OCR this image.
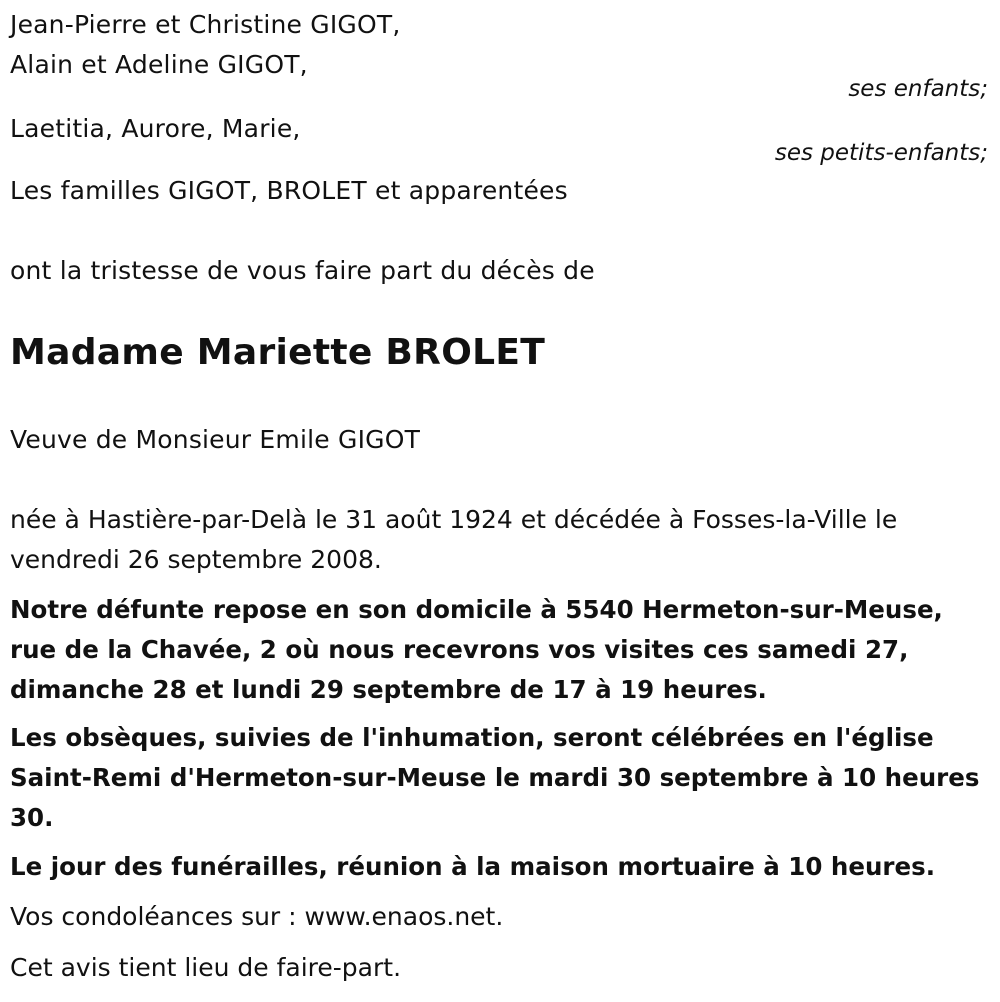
Jean-Pierre et Christine GIGOT,
Alain et Adeline GIGOT,
ses enfants;
Laetitia, Aurore, Marie,
ses petits-enfants;
Les familles GIGOT, BROLET et apparentées
ont la tristesse de vous faire part du décès de
Madame Mariette BROLET
Veuve de Monsieur Emile GIGOT
née à Hastière-par-Delà le 31 août 1924 et décédée à Fosses-la-Ville le vendredi 26 septembre 2008.
Notre défunte repose en son domicile à 5540 Hermeton-sur-Meuse, rue de la Chavée, 2 où nous recevrons vos visites ces samedi 27, dimanche 28 et lundi 29 septembre de 17 à 19 heures.
Les obsèques, suivies de l'inhumation, seront célébrées en l'église Saint-Remi d'Hermeton-sur-Meuse le mardi 30 septembre à 10 heures 30.
Le jour des funérailles, réunion à la maison mortuaire à 10 heures.
Vos condoléances sur : www.enaos.net.
Cet avis tient lieu de faire-part.
